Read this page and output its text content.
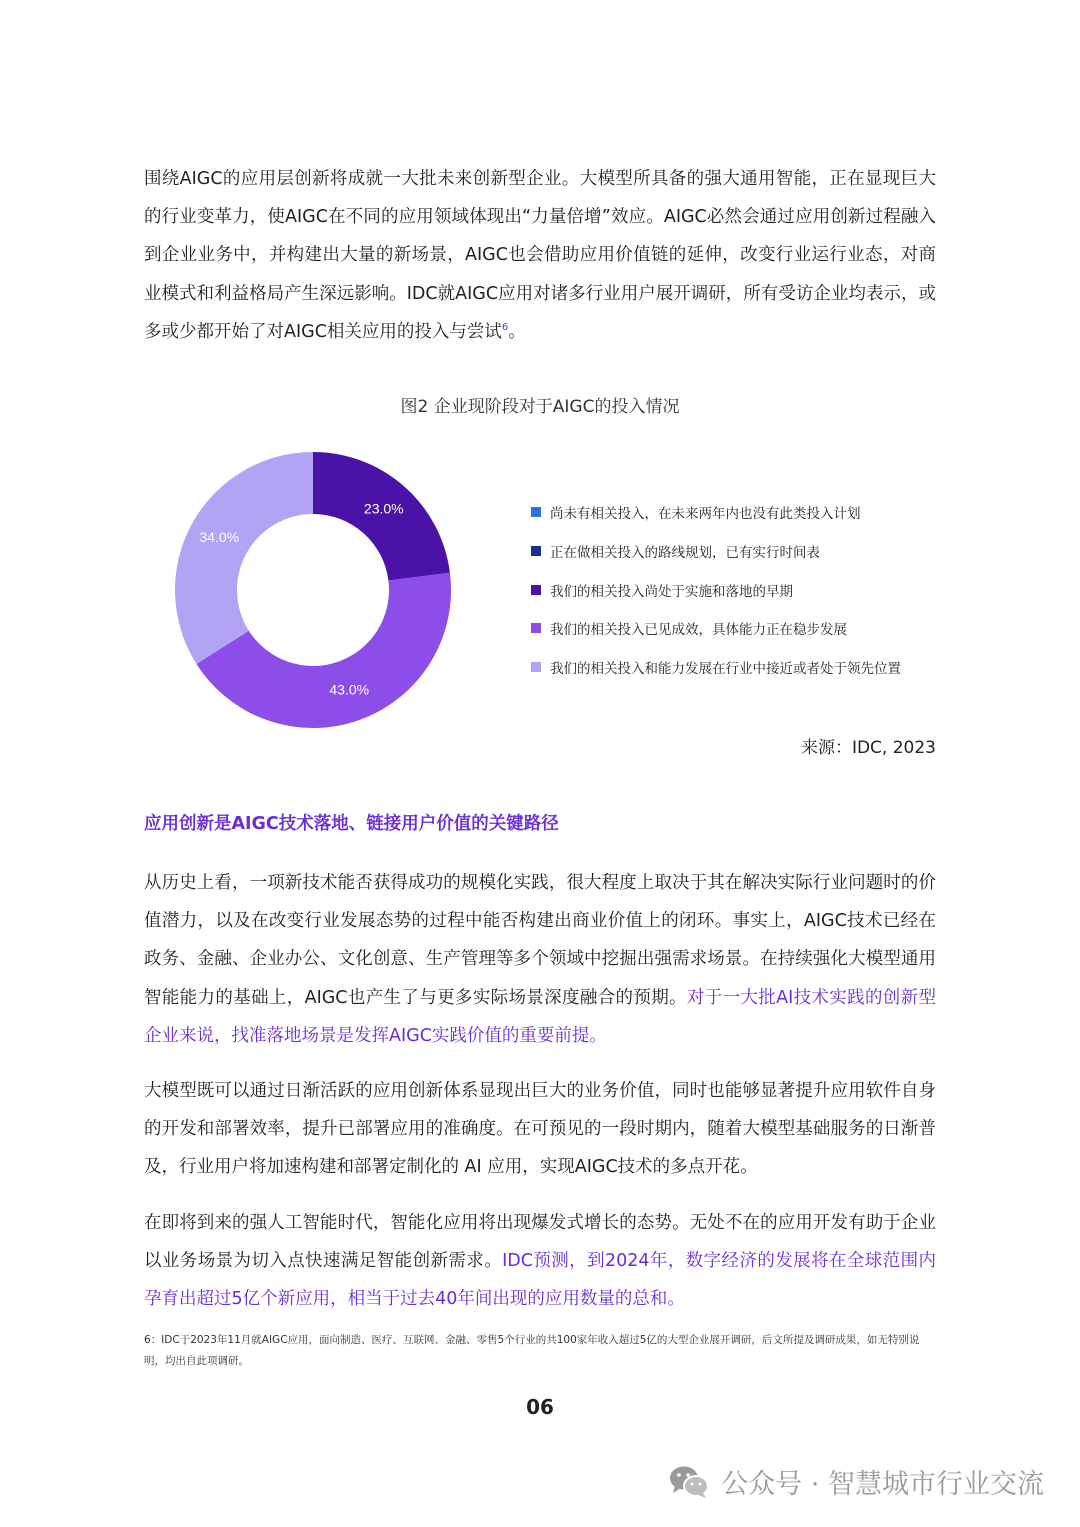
围绕AIGC的应用层创新将成就一大批未来创新型企业。大模型所具备的强大通用智能，正在显现巨大的行业变革力，使AIGC在不同的应用领域体现出“力量倍增”效应。AIGC必然会通过应用创新过程融入到企业业务中，并构建出大量的新场景，AIGC也会借助应用价值链的延伸，改变行业运行业态，对商业模式和利益格局产生深远影响。IDC就AIGC应用对诸多行业用户展开调研，所有受访企业均表示，或多或少都开始了对AIGC相关应用的投入与尝试$^6$。

图2 企业现阶段对于AIGC的投入情况
23.0%
43.0%
34.0%
尚未有相关投入，在未来两年内也没有此类投入计划
正在做相关投入的路线规划，已有实行时间表
我们的相关投入尚处于实施和落地的早期
我们的相关投入已见成效，具体能力正在稳步发展
我们的相关投入和能力发展在行业中接近或者处于领先位置
来源：IDC, 2023
应用创新是AIGC技术落地、链接用户价值的关键路径

从历史上看，一项新技术能否获得成功的规模化实践，很大程度上取决于其在解决实际行业问题时的价值潜力，以及在改变行业发展态势的过程中能否构建出商业价值上的闭环。事实上，AIGC技术已经在政务、金融、企业办公、文化创意、生产管理等多个领域中挖掘出强需求场景。在持续强化大模型通用智能能力的基础上，AIGC也产生了与更多实际场景深度融合的预期。对于一大批AI技术实践的创新型企业来说，找准落地场景是发挥AIGC实践价值的重要前提。

大模型既可以通过日渐活跃的应用创新体系显现出巨大的业务价值，同时也能够显著提升应用软件自身的开发和部署效率，提升已部署应用的准确度。在可预见的一段时期内，随着大模型基础服务的日渐普及，行业用户将加速构建和部署定制化的 AI 应用，实现AIGC技术的多点开花。

在即将到来的强人工智能时代，智能化应用将出现爆发式增长的态势。无处不在的应用开发有助于企业以业务场景为切入点快速满足智能创新需求。IDC预测，到2024年，数字经济的发展将在全球范围内孕育出超过5亿个新应用，相当于过去40年间出现的应用数量的总和。

6：IDC于2023年11月就AIGC应用，面向制造、医疗、互联网、金融、零售5个行业的共100家年收入超过5亿的大型企业展开调研，后文所提及调研成果，如无特别说明，均出自此项调研。
06
公众号 · 智慧城市行业交流
